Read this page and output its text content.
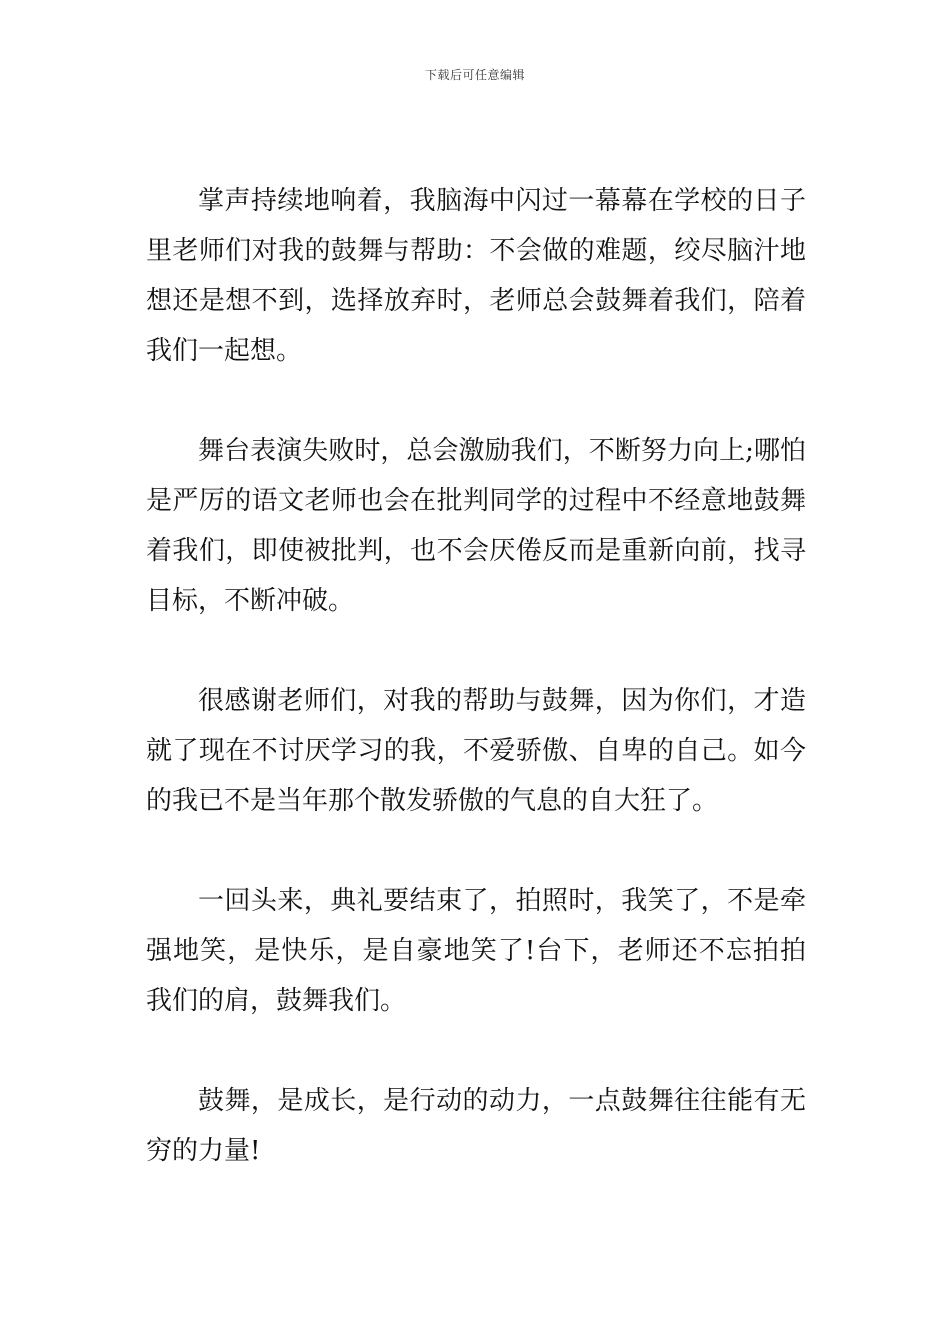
下载后可任意编辑

掌声持续地响着，我脑海中闪过一幕幕在学校的日子里老师们对我的鼓舞与帮助：不会做的难题，绞尽脑汁地想还是想不到，选择放弃时，老师总会鼓舞着我们，陪着我们一起想。

舞台表演失败时，总会激励我们，不断努力向上;哪怕是严厉的语文老师也会在批判同学的过程中不经意地鼓舞着我们，即使被批判，也不会厌倦反而是重新向前，找寻目标，不断冲破。

很感谢老师们，对我的帮助与鼓舞，因为你们，才造就了现在不讨厌学习的我，不爱骄傲、自卑的自己。如今的我已不是当年那个散发骄傲的气息的自大狂了。

一回头来，典礼要结束了，拍照时，我笑了，不是牵强地笑，是快乐，是自豪地笑了!台下，老师还不忘拍拍我们的肩，鼓舞我们。

鼓舞，是成长，是行动的动力，一点鼓舞往往能有无穷的力量!
